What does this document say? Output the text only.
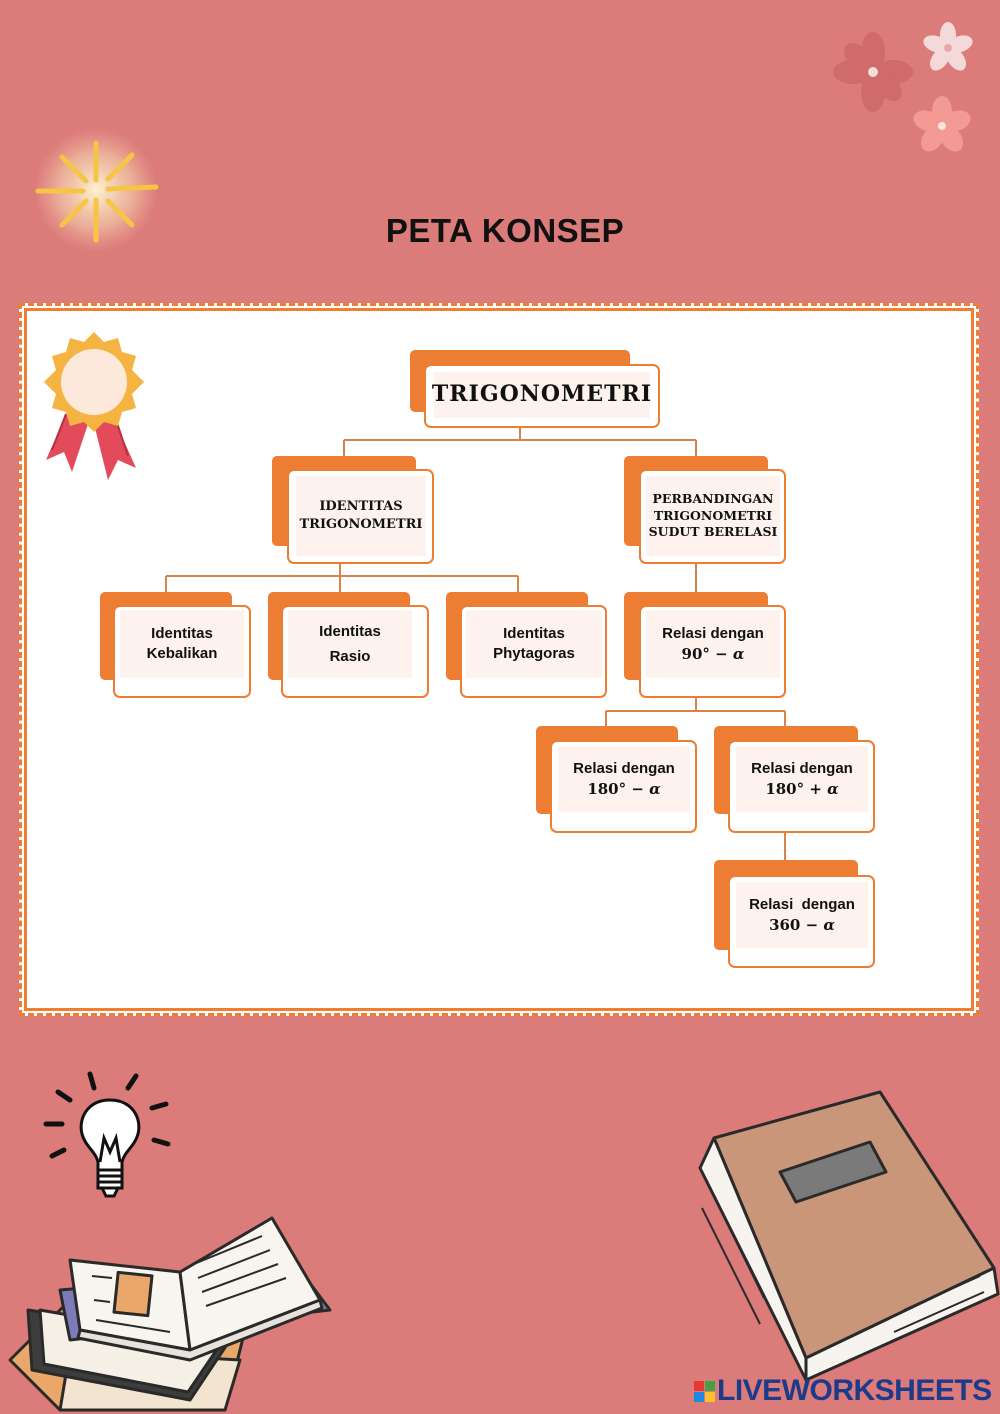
PETA KONSEP
TRIGONOMETRI
IDENTITAS
TRIGONOMETRI
PERBANDINGAN
TRIGONOMETRI
SUDUT BERELASI
Identitas
Kebalikan
Identitas
Rasio
Identitas
Phytagoras
Relasi dengan
90° − α
Relasi dengan
180° − α
Relasi dengan
180° + α
Relasi  dengan
360 − α
LIVEWORKSHEETS
